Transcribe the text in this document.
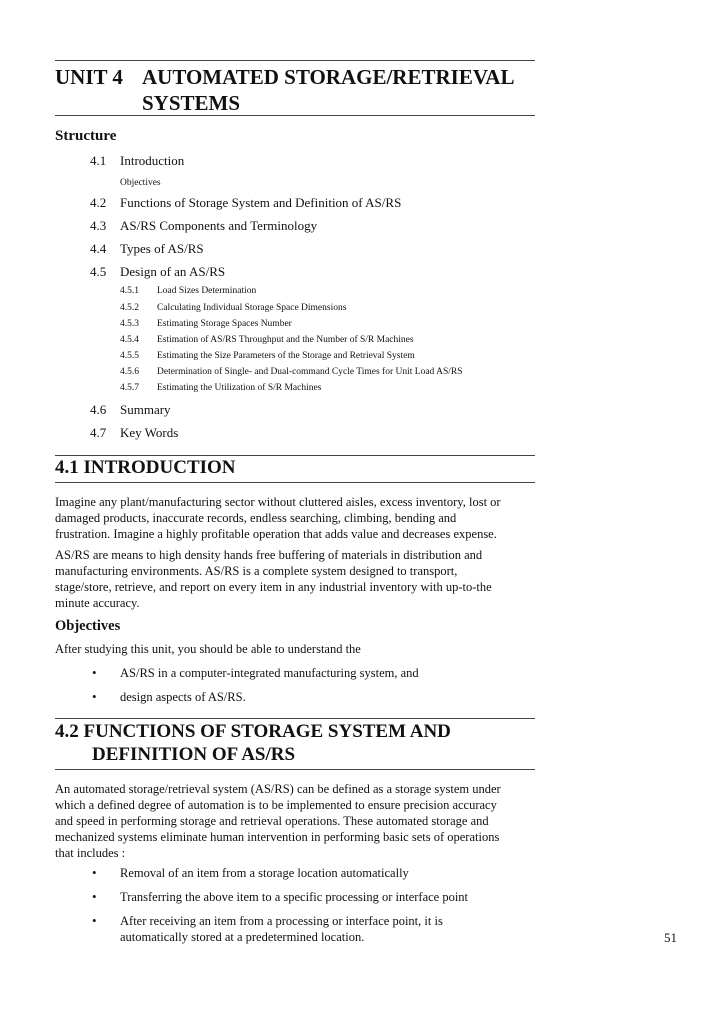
UNIT 4 AUTOMATED STORAGE/RETRIEVAL
SYSTEMS
Structure
4.1 Introduction
Objectives
4.2 Functions of Storage System and Definition of AS/RS
4.3 AS/RS Components and Terminology
4.4 Types of AS/RS
4.5 Design of an AS/RS
4.5.1 Load Sizes Determination
4.5.2 Calculating Individual Storage Space Dimensions
4.5.3 Estimating Storage Spaces Number
4.5.4 Estimation of AS/RS Throughput and the Number of S/R Machines
4.5.5 Estimating the Size Parameters of the Storage and Retrieval System
4.5.6 Determination of Single- and Dual-command Cycle Times for Unit Load AS/RS
4.5.7 Estimating the Utilization of S/R Machines
4.6 Summary
4.7 Key Words
4.1 INTRODUCTION
Imagine any plant/manufacturing sector without cluttered aisles, excess inventory, lost or
damaged products, inaccurate records, endless searching, climbing, bending and
frustration. Imagine a highly profitable operation that adds value and decreases expense.
AS/RS are means to high density hands free buffering of materials in distribution and
manufacturing environments. AS/RS is a complete system designed to transport,
stage/store, retrieve, and report on every item in any industrial inventory with up-to-the
minute accuracy.
Objectives
After studying this unit, you should be able to understand the
• AS/RS in a computer-integrated manufacturing system, and
• design aspects of AS/RS.
4.2 FUNCTIONS OF STORAGE SYSTEM AND
DEFINITION OF AS/RS
An automated storage/retrieval system (AS/RS) can be defined as a storage system under
which a defined degree of automation is to be implemented to ensure precision accuracy
and speed in performing storage and retrieval operations. These automated storage and
mechanized systems eliminate human intervention in performing basic sets of operations
that includes :
• Removal of an item from a storage location automatically
• Transferring the above item to a specific processing or interface point
• After receiving an item from a processing or interface point, it is
automatically stored at a predetermined location.	51
